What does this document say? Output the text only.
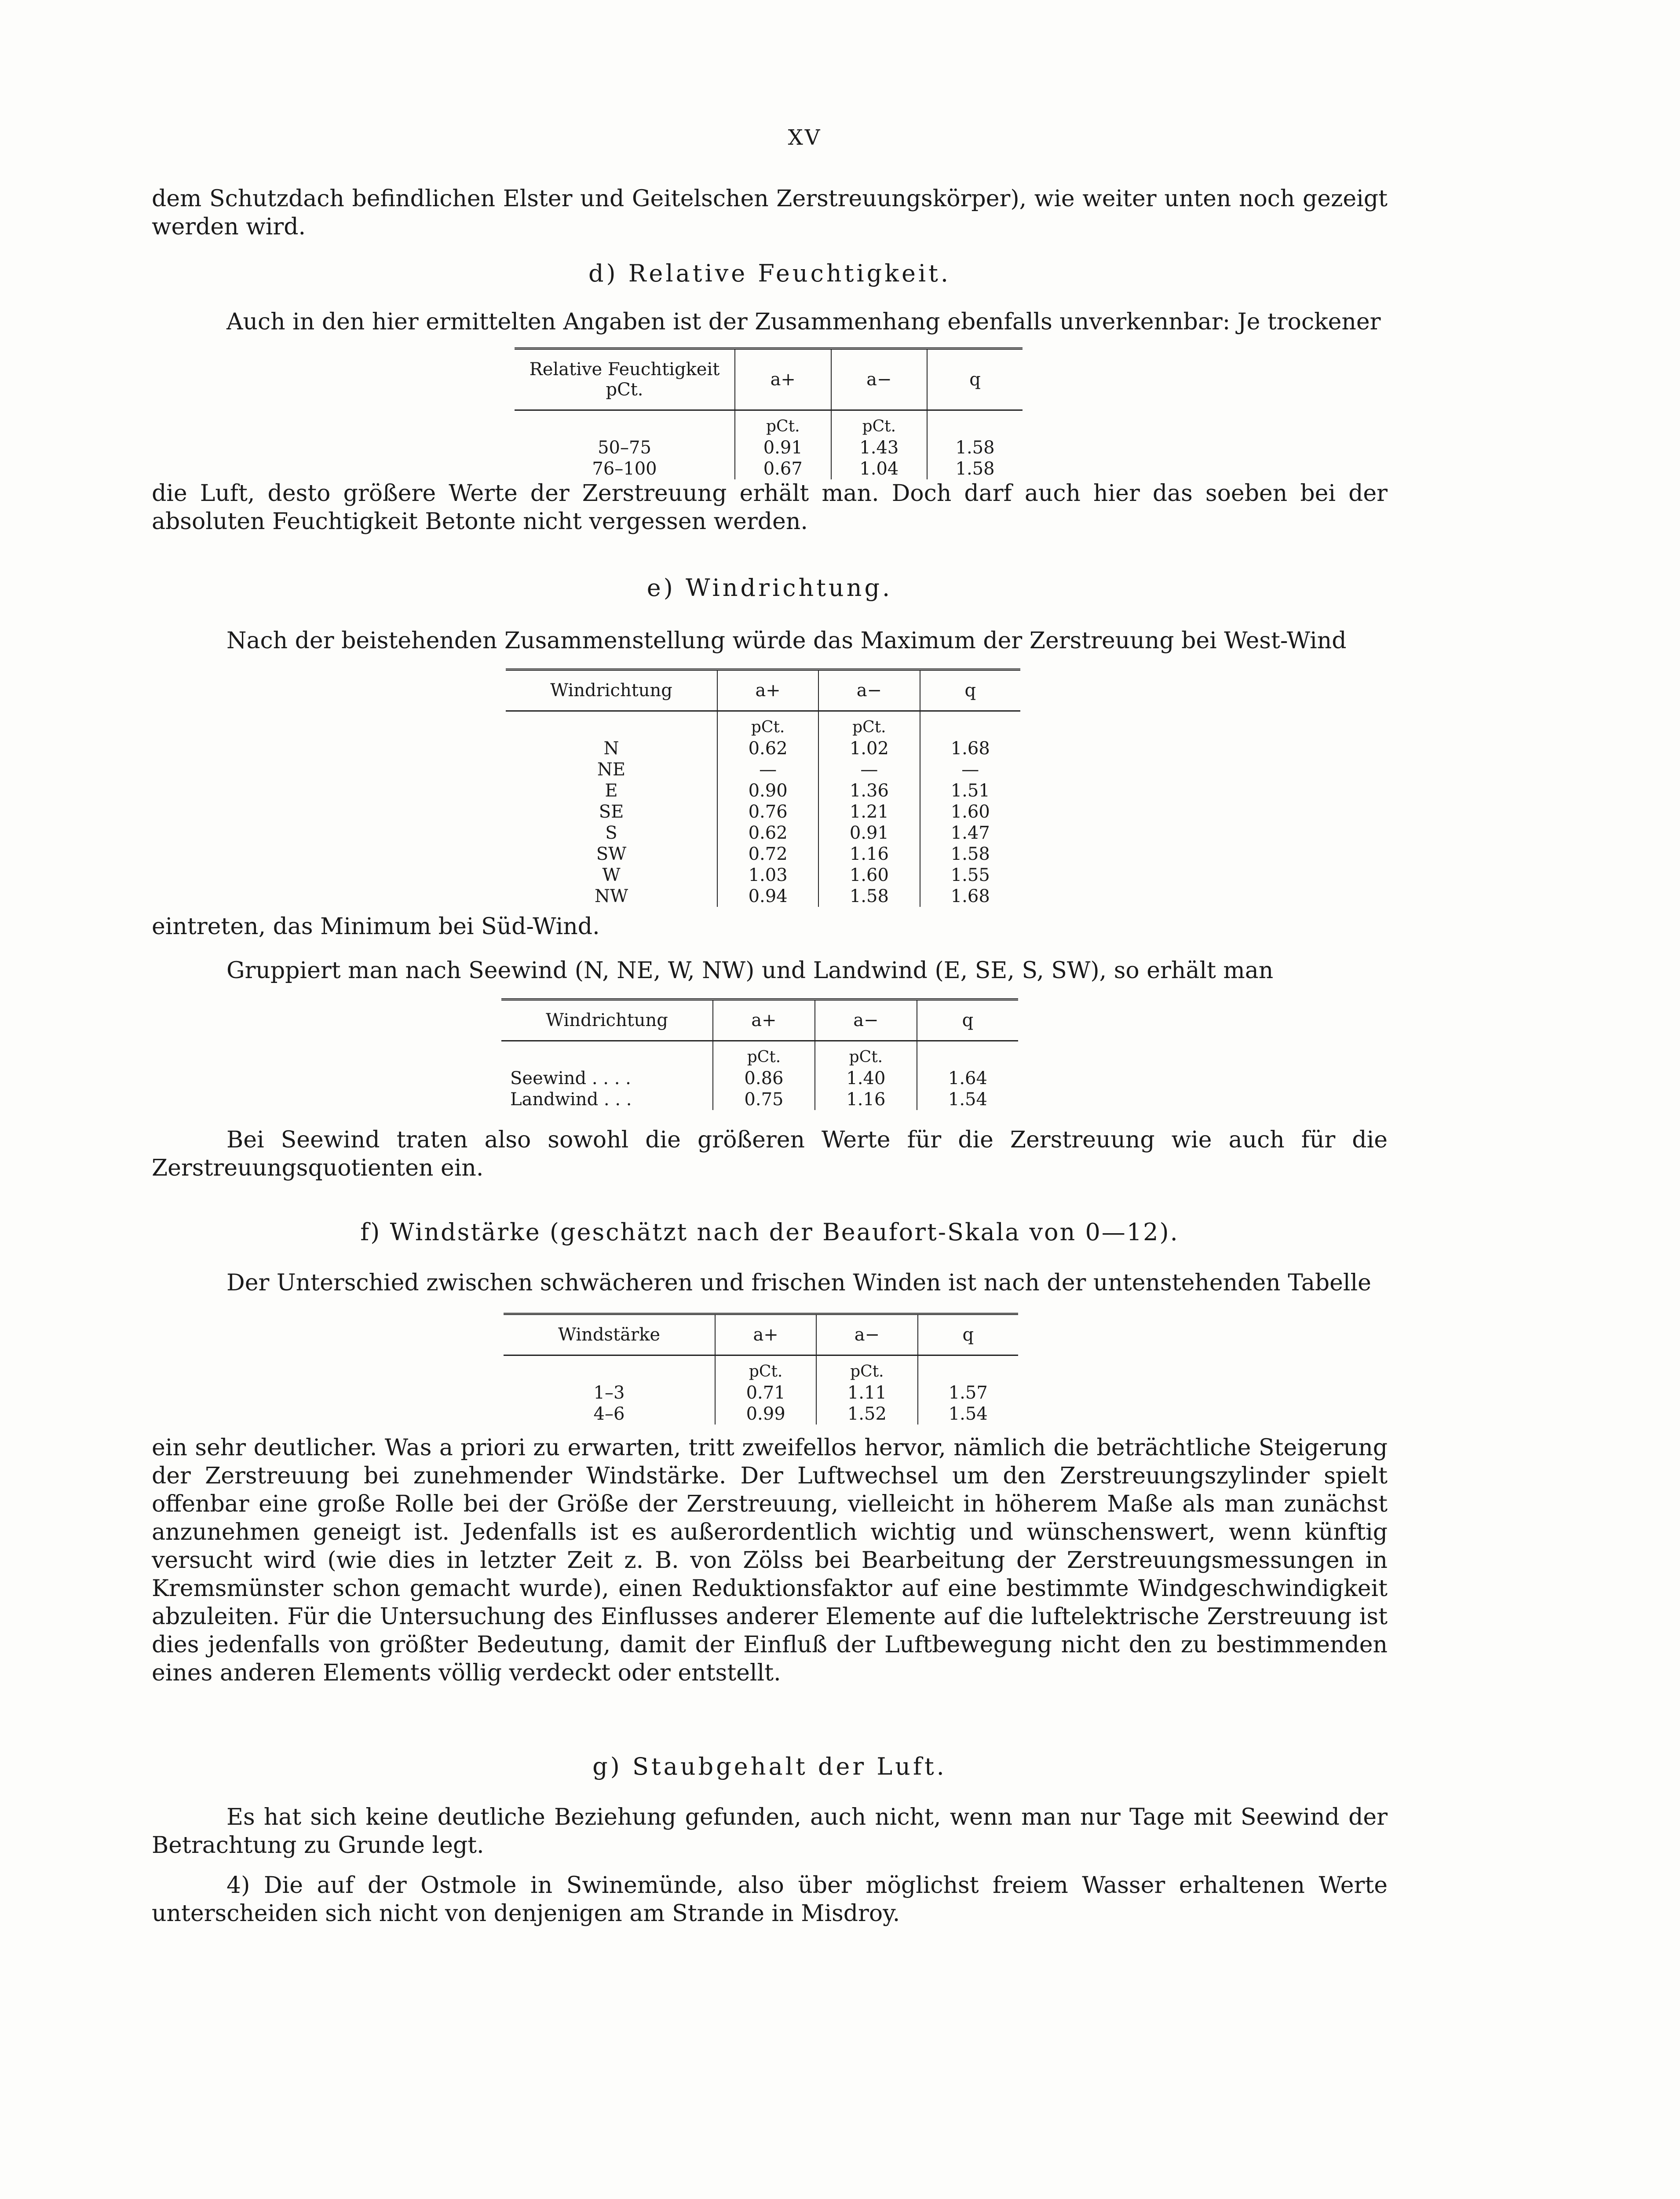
XV

dem Schutzdach befindlichen Elster und Geitelschen Zerstreuungskörper), wie weiter unten noch gezeigt werden wird.

d) Relative Feuchtigkeit.
Auch in den hier ermittelten Angaben ist der Zusammenhang ebenfalls unverkennbar: Je trockener
Relative Feuchtigkeit pCt.	a+	a−	q
	pCt.	pCt.	
50–75	0.91	1.43	1.58
76–100	0.67	1.04	1.58
die Luft, desto größere Werte der Zerstreuung erhält man. Doch darf auch hier das soeben bei der absoluten Feuchtigkeit Betonte nicht vergessen werden.
e) Windrichtung.
Nach der beistehenden Zusammenstellung würde das Maximum der Zerstreuung bei West-Wind
Windrichtung	a+	a−	q
	pCt.	pCt.	
N	0.62	1.02	1.68
NE	—	—	—
E	0.90	1.36	1.51
SE	0.76	1.21	1.60
S	0.62	0.91	1.47
SW	0.72	1.16	1.58
W	1.03	1.60	1.55
NW	0.94	1.58	1.68
eintreten, das Minimum bei Süd-Wind.
Gruppiert man nach Seewind (N, NE, W, NW) und Landwind (E, SE, S, SW), so erhält man
Windrichtung	a+	a−	q
	pCt.	pCt.	
Seewind . . . .	0.86	1.40	1.64
Landwind . . .	0.75	1.16	1.54
Bei Seewind traten also sowohl die größeren Werte für die Zerstreuung wie auch für die Zerstreuungsquotienten ein.
f) Windstärke (geschätzt nach der Beaufort-Skala von 0—12).
Der Unterschied zwischen schwächeren und frischen Winden ist nach der untenstehenden Tabelle
Windstärke	a+	a−	q
	pCt.	pCt.	
1–3	0.71	1.11	1.57
4–6	0.99	1.52	1.54
ein sehr deutlicher. Was a priori zu erwarten, tritt zweifellos hervor, nämlich die beträchtliche Steigerung der Zerstreuung bei zunehmender Windstärke. Der Luftwechsel um den Zerstreuungszylinder spielt offenbar eine große Rolle bei der Größe der Zerstreuung, vielleicht in höherem Maße als man zunächst anzunehmen geneigt ist. Jedenfalls ist es außerordentlich wichtig und wünschenswert, wenn künftig versucht wird (wie dies in letzter Zeit z. B. von Zölss bei Bearbeitung der Zerstreuungsmessungen in Kremsmünster schon gemacht wurde), einen Reduktionsfaktor auf eine bestimmte Windgeschwindigkeit abzuleiten. Für die Untersuchung des Einflusses anderer Elemente auf die luftelektrische Zerstreuung ist dies jedenfalls von größter Bedeutung, damit der Einfluß der Luftbewegung nicht den zu bestimmenden eines anderen Elements völlig verdeckt oder entstellt.
g) Staubgehalt der Luft.
Es hat sich keine deutliche Beziehung gefunden, auch nicht, wenn man nur Tage mit Seewind der Betrachtung zu Grunde legt.
4) Die auf der Ostmole in Swinemünde, also über möglichst freiem Wasser erhaltenen Werte unterscheiden sich nicht von denjenigen am Strande in Misdroy.
